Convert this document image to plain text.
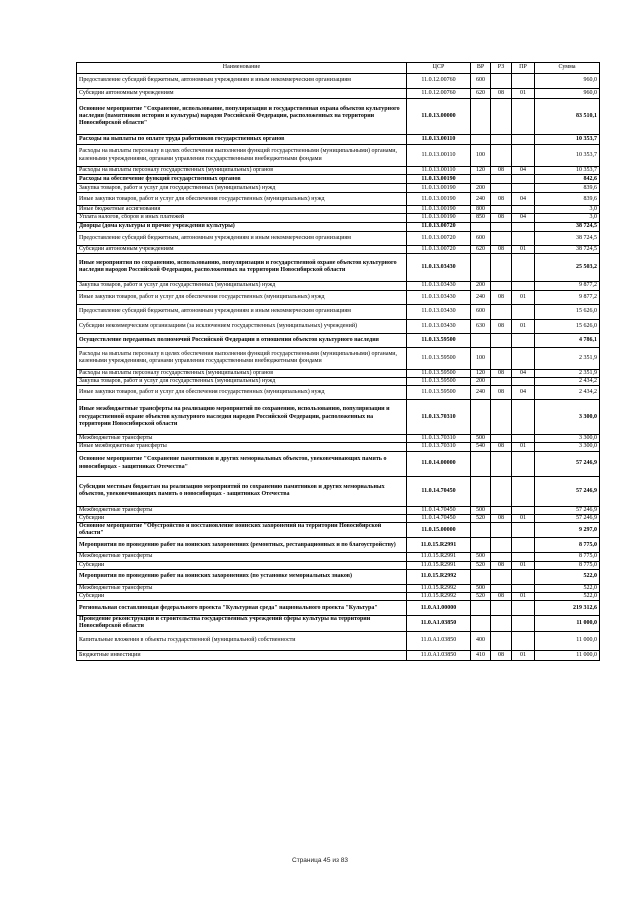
Наименование	ЦСР	ВР	РЗ	ПР	Сумма
Предоставление субсидий бюджетным, автономным учреждениям и иным некоммерческим организациям	11.0.12.00760	600			960,0
Субсидии автономным учреждениям	11.0.12.00760	620	08	01	960,0
Основное мероприятие "Сохранение, использование, популяризация и государственная охрана объектов культурного наследия (памятников истории и культуры) народов Российской Федерации, расположенных на территории Новосибирской области"	11.0.13.00000				83 510,1
Расходы на выплаты по оплате труда работников государственных органов	11.0.13.00110				10 353,7
Расходы на выплаты персоналу в целях обеспечения выполнения функций государственными (муниципальными) органами, казенными учреждениями, органами управления государственными внебюджетными фондами	11.0.13.00110	100			10 353,7
Расходы на выплаты персоналу государственных (муниципальных) органов	11.0.13.00110	120	08	04	10 353,7
Расходы на обеспечение функций государственных органов	11.0.13.00190				842,6
Закупка товаров, работ и услуг для государственных (муниципальных) нужд	11.0.13.00190	200			839,6
Иные закупки товаров, работ и услуг для обеспечения государственных (муниципальных) нужд	11.0.13.00190	240	08	04	839,6
Иные бюджетные ассигнования	11.0.13.00190	800			3,0
Уплата налогов, сборов и иных платежей	11.0.13.00190	850	08	04	3,0
Дворцы (дома культуры и прочие учреждения культуры)	11.0.13.00720				38 724,5
Предоставление субсидий бюджетным, автономным учреждениям и иным некоммерческим организациям	11.0.13.00720	600			38 724,5
Субсидии автономным учреждениям	11.0.13.00720	620	08	01	38 724,5
Иные мероприятия по сохранению, использованию, популяризации и государственной охране объектов культурного наследия народов Российской Федерации, расположенных на территории Новосибирской области	11.0.13.03430				25 503,2
Закупка товаров, работ и услуг для государственных (муниципальных) нужд	11.0.13.03430	200			9 877,2
Иные закупки товаров, работ и услуг для обеспечения государственных (муниципальных) нужд	11.0.13.03430	240	08	01	9 877,2
Предоставление субсидий бюджетным, автономным учреждениям и иным некоммерческим организациям	11.0.13.03430	600			15 626,0
Субсидии некоммерческим организациям (за исключением государственных (муниципальных) учреждений)	11.0.13.03430	630	08	01	15 626,0
Осуществление переданных полномочий Российской Федерации в отношении объектов культурного наследия	11.0.13.59500				4 786,1
Расходы на выплаты персоналу в целях обеспечения выполнения функций государственными (муниципальными) органами, казенными учреждениями, органами управления государственными внебюджетными фондами	11.0.13.59500	100			2 351,9
Расходы на выплаты персоналу государственных (муниципальных) органов	11.0.13.59500	120	08	04	2 351,9
Закупка товаров, работ и услуг для государственных (муниципальных) нужд	11.0.13.59500	200			2 434,2
Иные закупки товаров, работ и услуг для обеспечения государственных (муниципальных) нужд	11.0.13.59500	240	08	04	2 434,2
Иные межбюджетные трансферты на реализацию мероприятий по сохранению, использованию, популяризации и государственной охране объектов культурного наследия народов Российской Федерации, расположенных на территории Новосибирской области	11.0.13.70310				3 300,0
Межбюджетные трансферты	11.0.13.70310	500			3 300,0
Иные межбюджетные трансферты	11.0.13.70310	540	08	01	3 300,0
Основное мероприятие "Сохранение памятников и других мемориальных объектов, увековечивающих память о новосибирцах - защитниках Отечества"	11.0.14.00000				57 246,9
Субсидии местным бюджетам на реализацию мероприятий по сохранению памятников и других мемориальных объектов, увековечивающих память о новосибирцах - защитниках Отечества	11.0.14.70450				57 246,9
Межбюджетные трансферты	11.0.14.70450	500			57 246,9
Субсидии	11.0.14.70450	520	08	01	57 246,9
Основное мероприятие "Обустройство и восстановление воинских захоронений на территории Новосибирской области"	11.0.15.00000				9 297,0
Мероприятия по проведению работ на воинских захоронениях (ремонтных, реставрационных и по благоустройству)	11.0.15.R2991				8 775,0
Межбюджетные трансферты	11.0.15.R2991	500			8 775,0
Субсидии	11.0.15.R2991	520	08	01	8 775,0
Мероприятия по проведению работ на воинских захоронениях (по установке мемориальных знаков)	11.0.15.R2992				522,0
Межбюджетные трансферты	11.0.15.R2992	500			522,0
Субсидии	11.0.15.R2992	520	08	01	522,0
Региональная составляющая федерального проекта "Культурная среда" национального проекта "Культура"	11.0.A1.00000				219 312,6
Проведение реконструкции и строительства государственных учреждений сферы культуры на территории Новосибирской области	11.0.A1.03850				11 000,0
Капитальные вложения в объекты государственной (муниципальной) собственности	11.0.A1.03850	400			11 000,0
Бюджетные инвестиции	11.0.A1.03850	410	08	01	11 000,0
Страница 45 из 83
